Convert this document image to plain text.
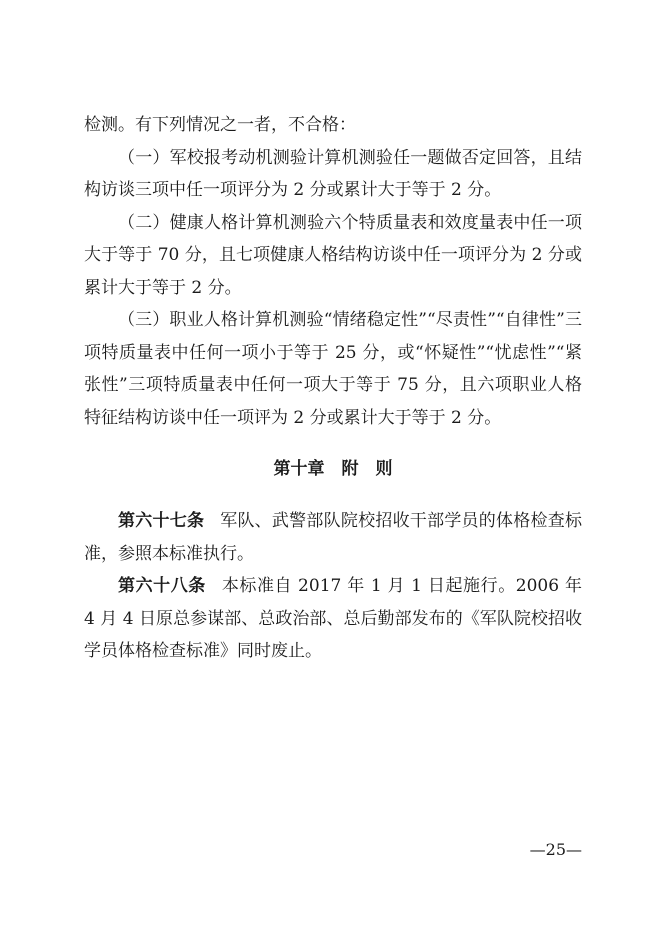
检测。有下列情况之一者，不合格：

（一）军校报考动机测验计算机测验任一题做否定回答，且结构访谈三项中任一项评分为 2 分或累计大于等于 2 分。

（二）健康人格计算机测验六个特质量表和效度量表中任一项大于等于 70 分，且七项健康人格结构访谈中任一项评分为 2 分或累计大于等于 2 分。

（三）职业人格计算机测验“情绪稳定性”“尽责性”“自律性”三项特质量表中任何一项小于等于 25 分，或“怀疑性”“忧虑性”“紧张性”三项特质量表中任何一项大于等于 75 分，且六项职业人格特征结构访谈中任一项评为 2 分或累计大于等于 2 分。

第十章　附　则

第六十七条 军队、武警部队院校招收干部学员的体格检查标准，参照本标准执行。

第六十八条 本标准自 2017 年 1 月 1 日起施行。2006 年 4 月 4 日原总参谋部、总政治部、总后勤部发布的《军队院校招收学员体格检查标准》同时废止。

—25—
